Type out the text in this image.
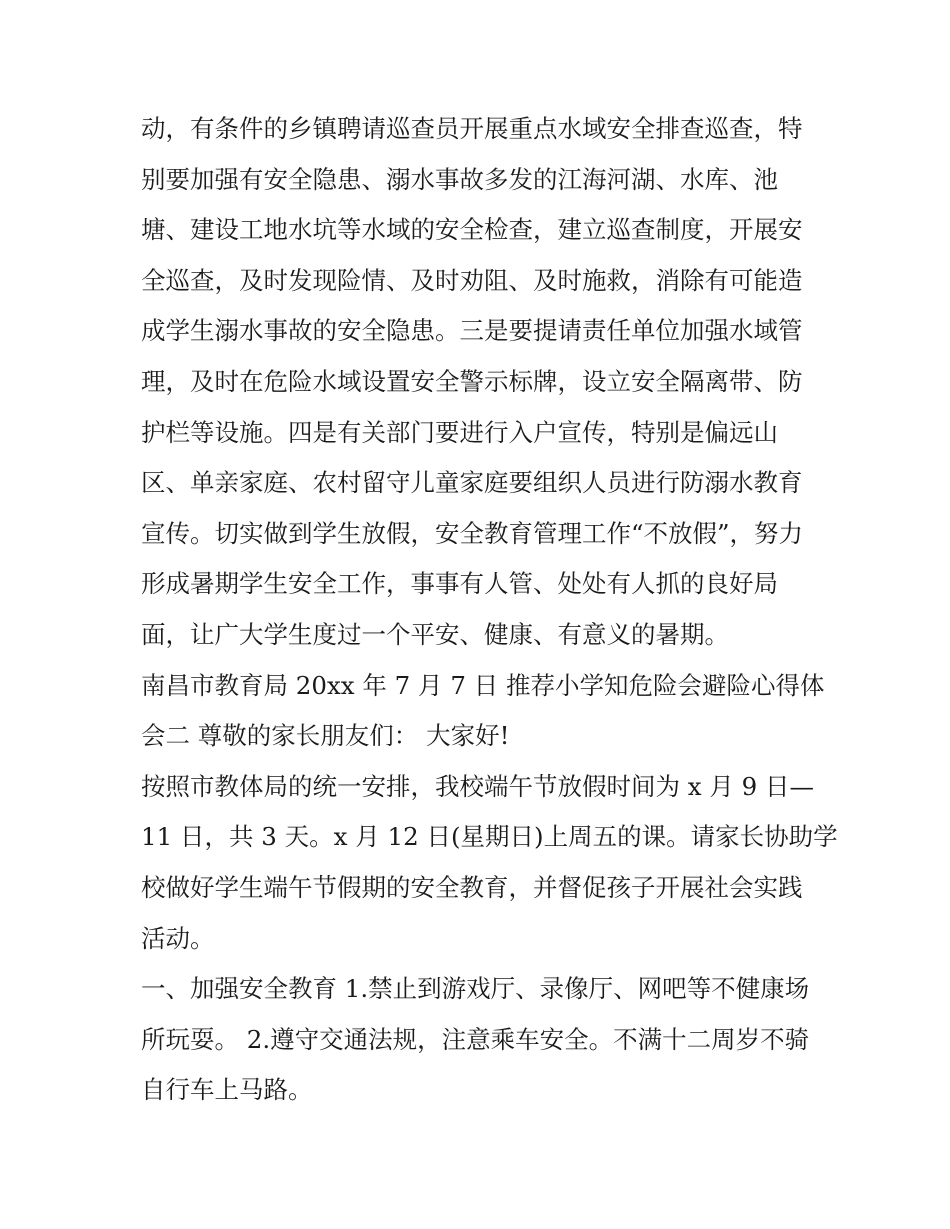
动，有条件的乡镇聘请巡查员开展重点水域安全排查巡查，特

别要加强有安全隐患、溺水事故多发的江海河湖、水库、池

塘、建设工地水坑等水域的安全检查，建立巡查制度，开展安

全巡查，及时发现险情、及时劝阻、及时施救，消除有可能造

成学生溺水事故的安全隐患。三是要提请责任单位加强水域管

理，及时在危险水域设置安全警示标牌，设立安全隔离带、防

护栏等设施。四是有关部门要进行入户宣传，特别是偏远山

区、单亲家庭、农村留守儿童家庭要组织人员进行防溺水教育

宣传。切实做到学生放假，安全教育管理工作“不放假”，努力

形成暑期学生安全工作，事事有人管、处处有人抓的良好局

面，让广大学生度过一个平安、健康、有意义的暑期。

南昌市教育局 20xx 年 7 月 7 日 推荐小学知危险会避险心得体

会二 尊敬的家长朋友们： 大家好!

按照市教体局的统一安排，我校端午节放假时间为 x 月 9 日—

11 日，共 3 天。x 月 12 日(星期日)上周五的课。请家长协助学

校做好学生端午节假期的安全教育，并督促孩子开展社会实践

活动。

一、加强安全教育 1.禁止到游戏厅、录像厅、网吧等不健康场

所玩耍。 2.遵守交通法规，注意乘车安全。不满十二周岁不骑

自行车上马路。
